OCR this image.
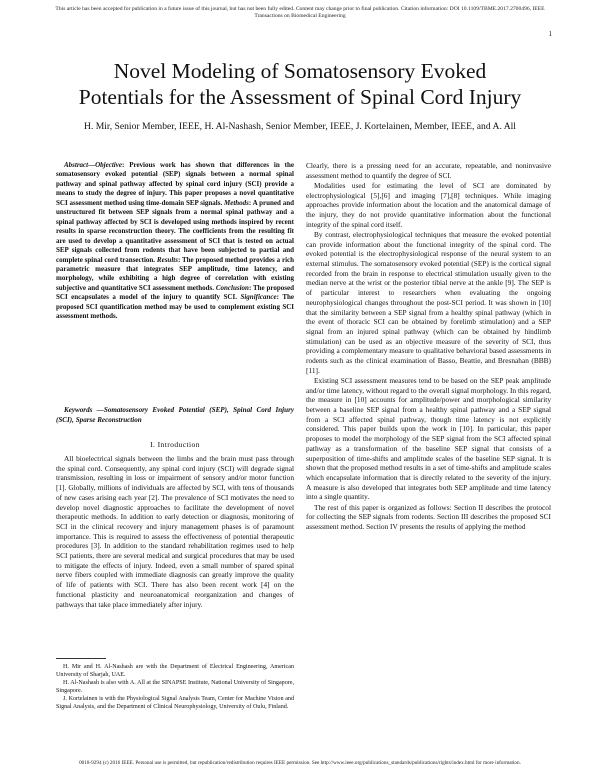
This article has been accepted for publication in a future issue of this journal, but has not been fully edited. Content may change prior to final publication. Citation information: DOI 10.1109/TBME.2017.2700496, IEEE
Transactions on Biomedical Engineering
1
Novel Modeling of Somatosensory Evoked
Potentials for the Assessment of Spinal Cord Injury
H. Mir, Senior Member, IEEE, H. Al-Nashash, Senior Member, IEEE, J. Kortelainen, Member, IEEE, and A. All

Abstract—Objective: Previous work has shown that differences in the somatosensory evoked potential (SEP) signals between a normal spinal pathway and spinal pathway affected by spinal cord injury (SCI) provide a means to study the degree of injury. This paper proposes a novel quantitative SCI assessment method using time-domain SEP signals. Methods: A pruned and unstructured fit between SEP signals from a normal spinal pathway and a spinal pathway affected by SCI is developed using methods inspired by recent results in sparse reconstruction theory. The coefficients from the resulting fit are used to develop a quantitative assessment of SCI that is tested on actual SEP signals collected from rodents that have been subjected to partial and complete spinal cord transection. Results: The proposed method provides a rich parametric measure that integrates SEP amplitude, time latency, and morphology, while exhibiting a high degree of correlation with existing subjective and quantitative SCI assessment methods. Conclusion: The proposed SCI encapsulates a model of the injury to quantify SCI. Significance: The proposed SCI quantification method may be used to complement existing SCI assessment methods.

Keywords —Somatosensory Evoked Potential (SEP), Spinal Cord Injury (SCI), Sparse Reconstruction

I. Introduction

All bioelectrical signals between the limbs and the brain must pass through the spinal cord. Consequently, any spinal cord injury (SCI) will degrade signal transmission, resulting in loss or impairment of sensory and/or motor function [1]. Globally, millions of individuals are affected by SCI, with tens of thousands of new cases arising each year [2]. The prevalence of SCI motivates the need to develop novel diagnostic approaches to facilitate the development of novel therapeutic methods. In addition to early detection or diagnosis, monitoring of SCI in the clinical recovery and injury management phases is of paramount importance. This is required to assess the effectiveness of potential therapeutic procedures [3]. In addition to the standard rehabilitation regimes used to help SCI patients, there are several medical and surgical procedures that may be used to mitigate the effects of injury. Indeed, even a small number of spared spinal nerve fibers coupled with immediate diagnosis can greatly improve the quality of life of patients with SCI. There has also been recent work [4] on the functional plasticity and neuroanatomical reorganization and changes of pathways that take place immediately after injury.

H. Mir and H. Al-Nashash are with the Department of Electrical Engineering, American University of Sharjah, UAE.

H. Al-Nashash is also with A. All at the SINAPSE Institute, National University of Singapore, Singapore.

J. Kortelainen is with the Physiological Signal Analysis Team, Center for Machine Vision and Signal Analysis, and the Department of Clinical Neurophysiology, University of Oulu, Finland.

Clearly, there is a pressing need for an accurate, repeatable, and noninvasive assessment method to quantify the degree of SCI.

Modalities used for estimating the level of SCI are dominated by electrophysiological [5],[6] and imaging [7],[8] techniques. While imaging approaches provide information about the location and the anatomical damage of the injury, they do not provide quantitative information about the functional integrity of the spinal cord itself.

By contrast, electrophysiological techniques that measure the evoked potential can provide information about the functional integrity of the spinal cord. The evoked potential is the electrophysiological response of the neural system to an external stimulus. The somatosensory evoked potential (SEP) is the cortical signal recorded from the brain in response to electrical stimulation usually given to the median nerve at the wrist or the posterior tibial nerve at the ankle [9]. The SEP is of particular interest to researchers when evaluating the ongoing neurophysiological changes throughout the post-SCI period. It was shown in [10] that the similarity between a SEP signal from a healthy spinal pathway (which in the event of thoracic SCI can be obtained by forelimb stimulation) and a SEP signal from an injured spinal pathway (which can be obtained by hindlimb stimulation) can be used as an objective measure of the severity of SCI, thus providing a complementary measure to qualitative behavioral based assessments in rodents such as the clinical examination of Basso, Beattie, and Bresnahan (BBB) [11].

Existing SCI assessment measures tend to be based on the SEP peak amplitude and/or time latency, without regard to the overall signal morphology. In this regard, the measure in [10] accounts for amplitude/power and morphological similarity between a baseline SEP signal from a healthy spinal pathway and a SEP signal from a SCI affected spinal pathway, though time latency is not explicitly considered. This paper builds upon the work in [10]. In particular, this paper proposes to model the morphology of the SEP signal from the SCI affected spinal pathway as a transformation of the baseline SEP signal that consists of a superposition of time-shifts and amplitude scales of the baseline SEP signal. It is shown that the proposed method results in a set of time-shifts and amplitude scales which encapsulate information that is directly related to the severity of the injury. A measure is also developed that integrates both SEP amplitude and time latency into a single quantity.

The rest of this paper is organized as follows: Section II describes the protocol for collecting the SEP signals from rodents. Section III describes the proposed SCI assessment method. Section IV presents the results of applying the method

0018-9294 (c) 2016 IEEE. Personal use is permitted, but republication/redistribution requires IEEE permission. See http://www.ieee.org/publications_standards/publications/rights/index.html for more information.
